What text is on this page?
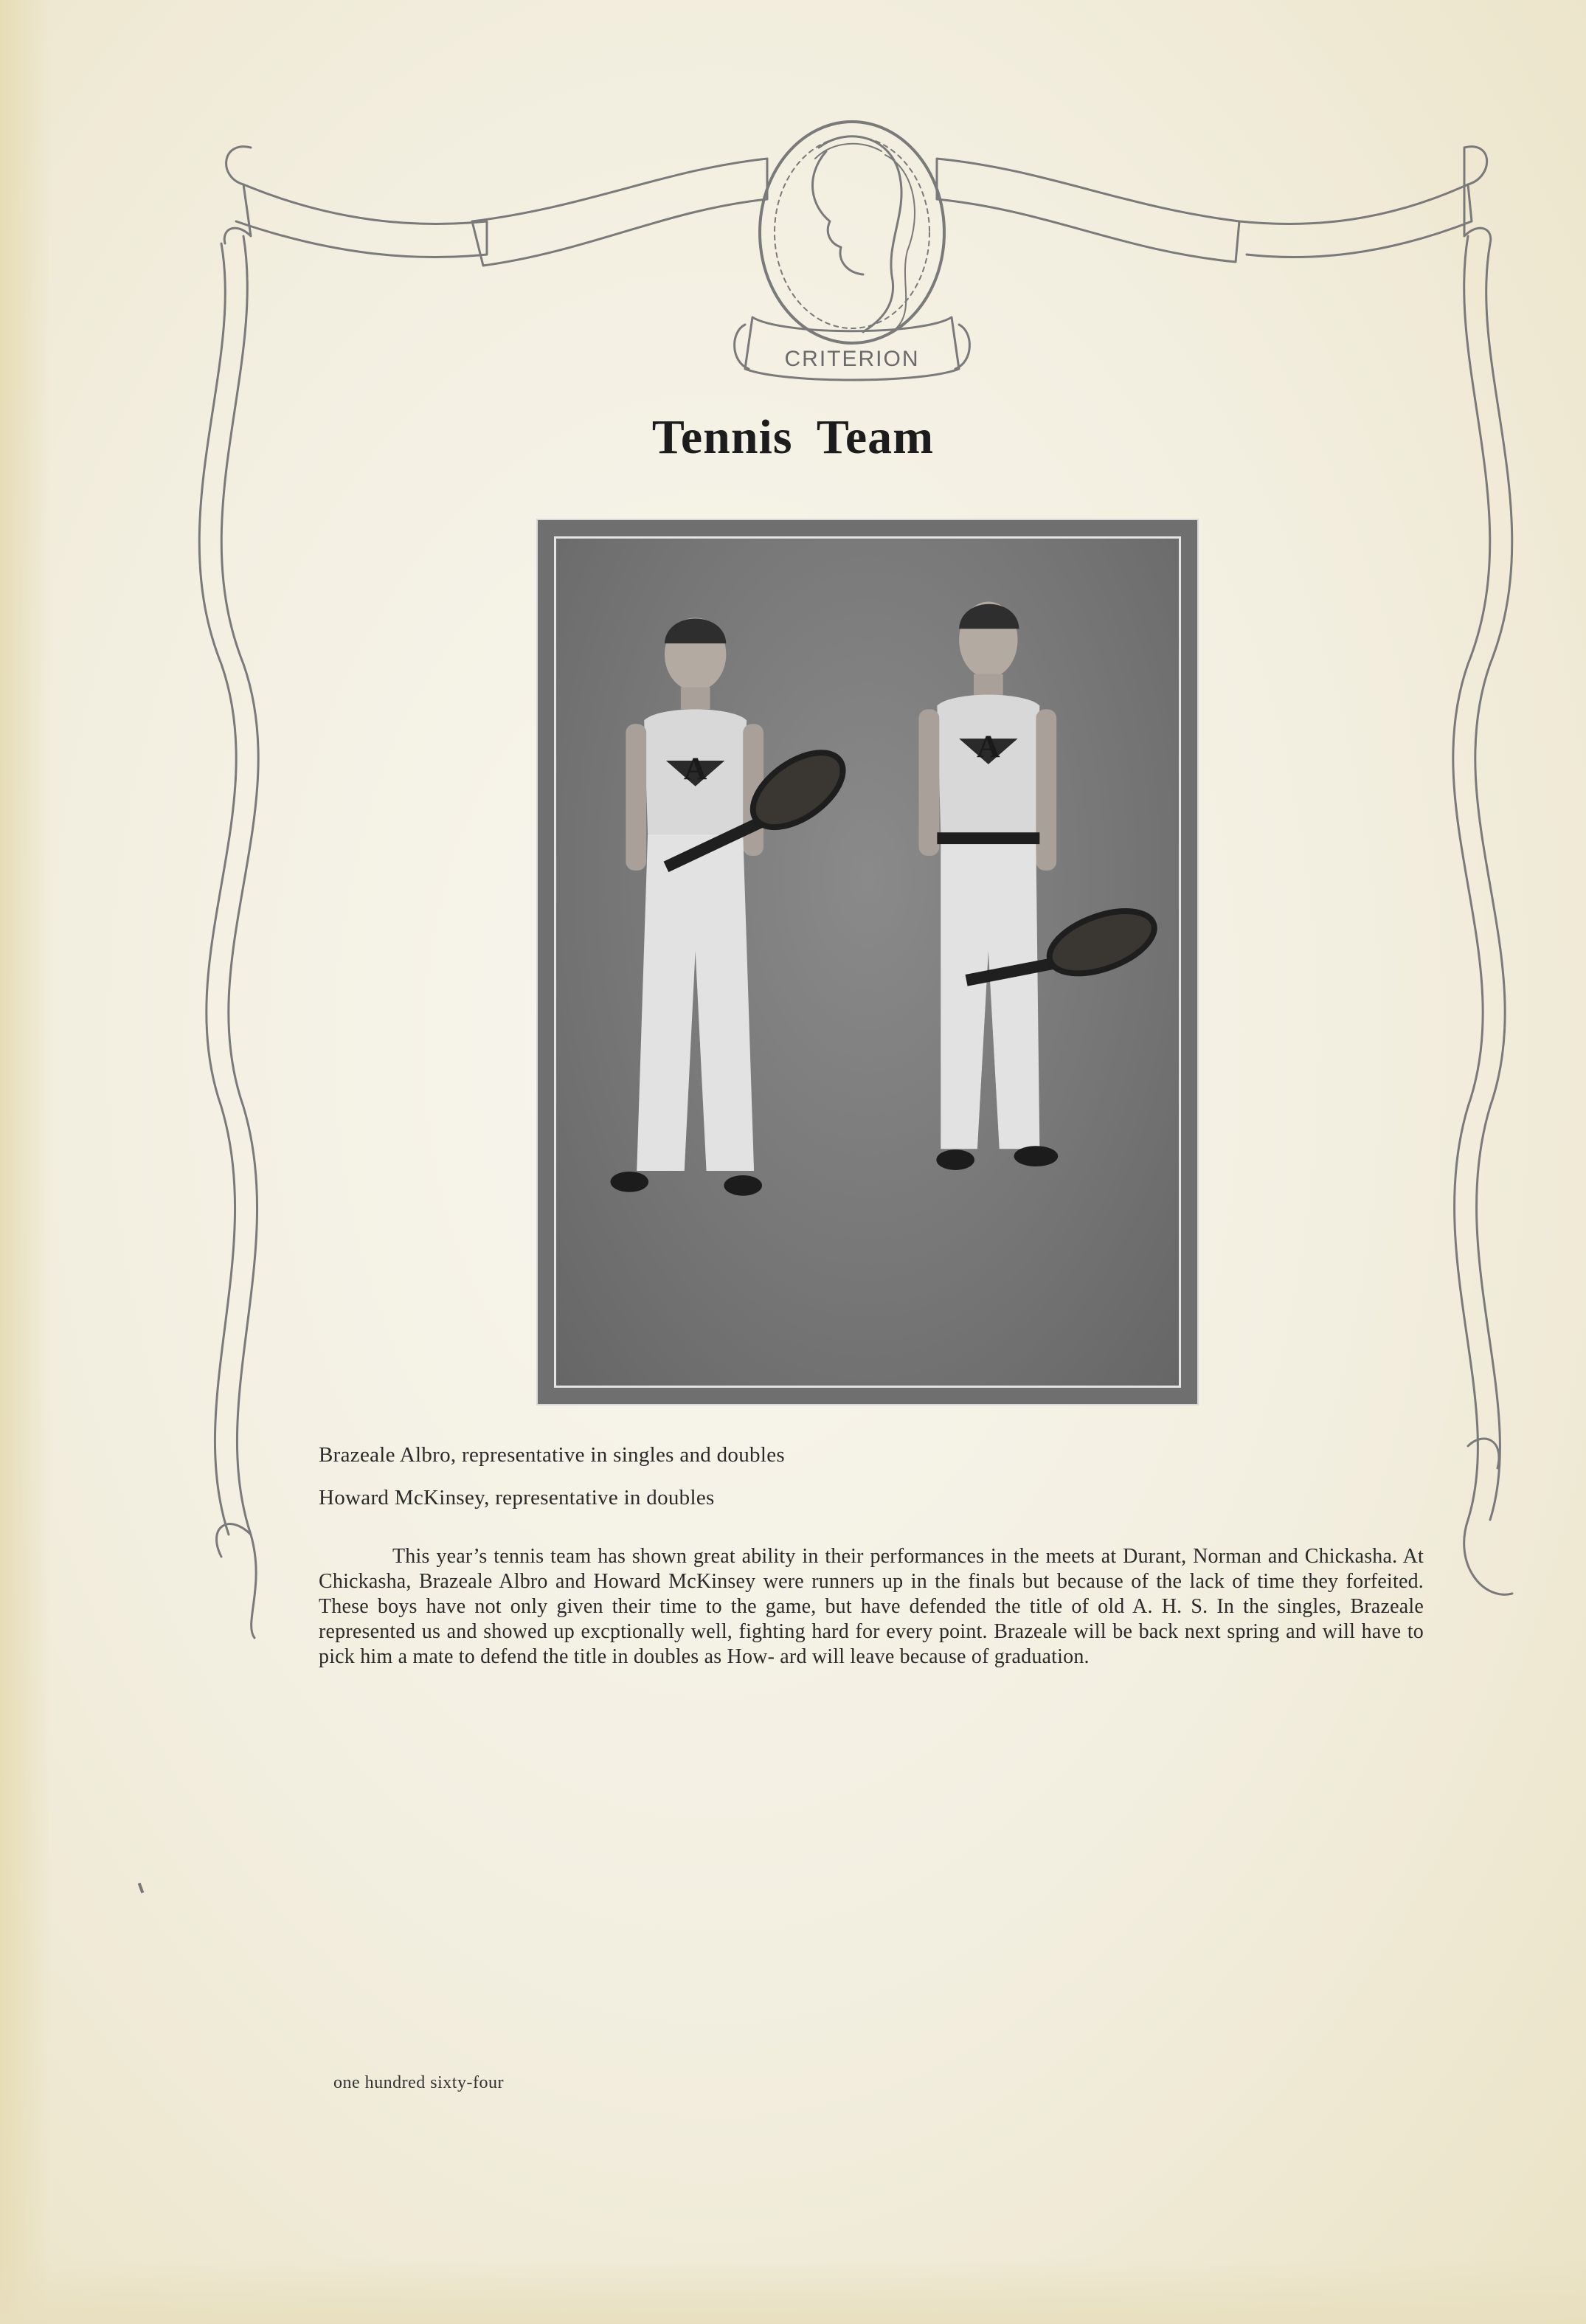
CRITERION
Tennis Team
A
A
Brazeale Albro, representative in singles and doubles
Howard McKinsey, representative in doubles
This year’s tennis team has shown great ability in their performances in the meets at Durant, Norman and Chickasha. At Chickasha, Brazeale Albro and Howard McKinsey were runners up in the finals but because of the lack of time they forfeited. These boys have not only given their time to the game, but have defended the title of old A. H. S. In the singles, Brazeale represented us and showed up excptionally well, fighting hard for every point. Brazeale will be back next spring and will have to pick him a mate to defend the title in doubles as How- ard will leave because of graduation.
one hundred sixty-four
